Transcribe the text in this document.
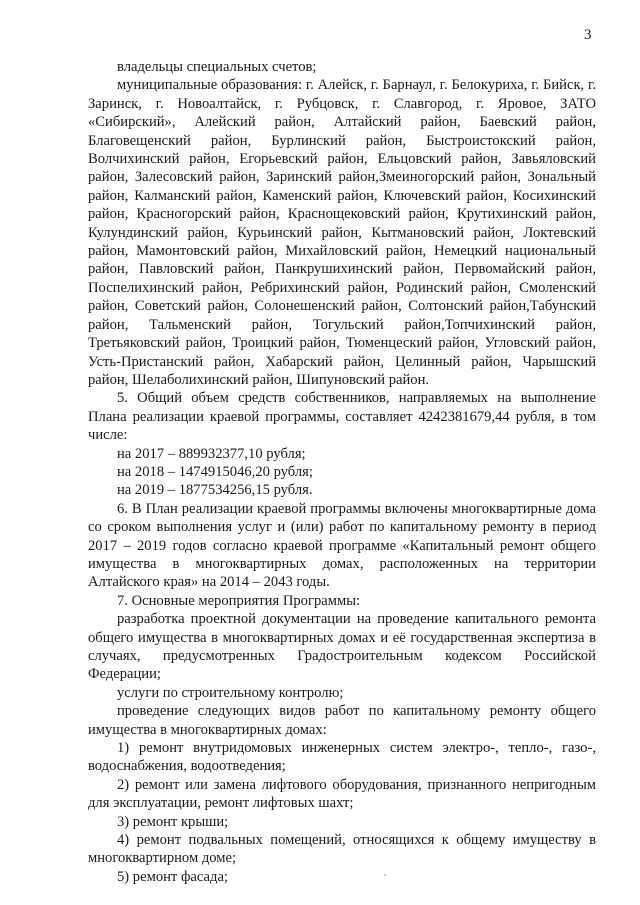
3

владельцы специальных счетов;

муниципальные образования: г. Алейск, г. Барнаул, г. Белокуриха, г. Бийск, г. Заринск, г. Новоалтайск, г. Рубцовск, г. Славгород, г. Яровое, ЗАТО «Сибирский», Алейский район, Алтайский район, Баевский район, Благовещенский район, Бурлинский район, Быстроистокский район, Волчихинский район, Егорьевский район, Ельцовский район, Завьяловский район, Залесовский район, Заринский район,Змеиногорский район, Зональный район, Калманский район, Каменский район, Ключевский район, Косихинский район, Красногорский район, Краснощековский район, Крутихинский район, Кулундинский район, Курьинский район, Кытмановский район, Локтевский район, Мамонтовский район, Михайловский район, Немецкий национальный район, Павловский район, Панкрушихинский район, Первомайский район, Поспелихинский район, Ребрихинский район, Родинский район, Смоленский район, Советский район, Солонешенский район, Солтонский район,Табунский район, Тальменский район, Тогульский район,Топчихинский район, Третьяковский район, Троицкий район, Тюменцеский район, Угловский район, Усть-Пристанский район, Хабарский район, Целинный район, Чарышский район, Шелаболихинский район, Шипуновский район.

5. Общий объем средств собственников, направляемых на выполнение Плана реализации краевой программы, составляет 4242381679,44 рубля, в том числе:

на 2017 – 889932377,10 рубля;

на 2018 – 1474915046,20 рубля;

на 2019 – 1877534256,15 рубля.

6. В План реализации краевой программы включены многоквартирные дома со сроком выполнения услуг и (или) работ по капитальному ремонту в период 2017 – 2019 годов согласно краевой программе «Капитальный ремонт общего имущества в многоквартирных домах, расположенных на территории Алтайского края» на 2014 – 2043 годы.

7. Основные мероприятия Программы:

разработка проектной документации на проведение капитального ремонта общего имущества в многоквартирных домах и её государственная экспертиза в случаях, предусмотренных Градостроительным кодексом Российской Федерации;

услуги по строительному контролю;

проведение следующих видов работ по капитальному ремонту общего имущества в многоквартирных домах:

1) ремонт внутридомовых инженерных систем электро-, тепло-, газо-, водоснабжения, водоотведения;

2) ремонт или замена лифтового оборудования, признанного непригодным для эксплуатации, ремонт лифтовых шахт;

3) ремонт крыши;

4) ремонт подвальных помещений, относящихся к общему имуществу в многоквартирном доме;

5) ремонт фасада;
